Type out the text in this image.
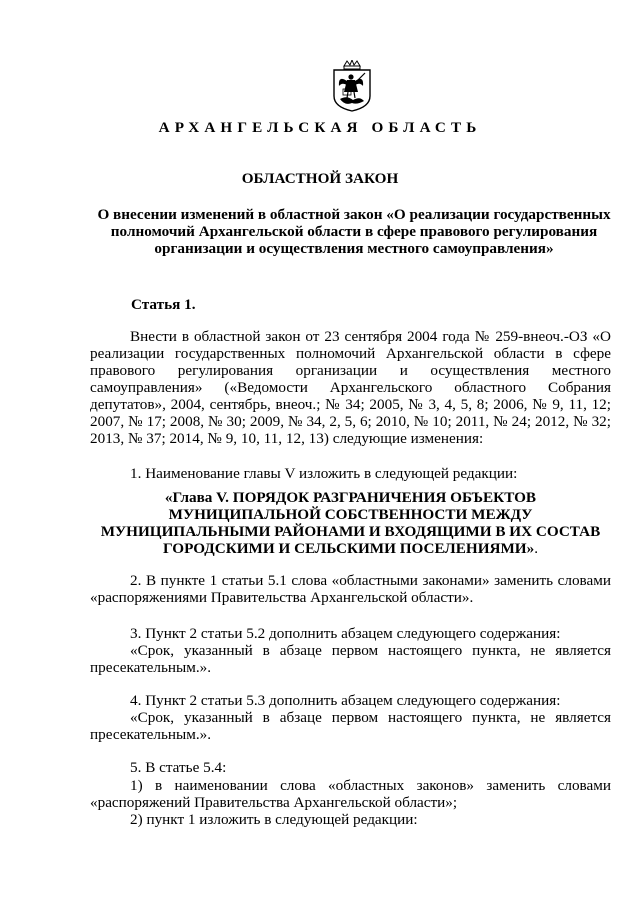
АРХАНГЕЛЬСКАЯ ОБЛАСТЬ
ОБЛАСТНОЙ ЗАКОН
О внесении изменений в областной закон «О реализации государственных полномочий Архангельской области в сфере правового регулирования организации и осуществления местного самоуправления»
Статья 1.
Внести в областной закон от 23 сентября 2004 года № 259-внеоч.-ОЗ «О реализации государственных полномочий Архангельской области в сфере правового регулирования организации и осуществления местного самоуправления» («Ведомости Архангельского областного Собрания депутатов», 2004, сентябрь, внеоч.; № 34; 2005, № 3, 4, 5, 8; 2006, № 9, 11, 12; 2007, № 17; 2008, № 30; 2009, № 34, 2, 5, 6; 2010, № 10; 2011, № 24; 2012, № 32; 2013, № 37; 2014, № 9, 10, 11, 12, 13) следующие изменения:
1. Наименование главы V изложить в следующей редакции:
«Глава V. ПОРЯДОК РАЗГРАНИЧЕНИЯ ОБЪЕКТОВ МУНИЦИПАЛЬНОЙ СОБСТВЕННОСТИ МЕЖДУ МУНИЦИПАЛЬНЫМИ РАЙОНАМИ И ВХОДЯЩИМИ В ИХ СОСТАВ ГОРОДСКИМИ И СЕЛЬСКИМИ ПОСЕЛЕНИЯМИ».
2. В пункте 1 статьи 5.1 слова «областными законами» заменить словами «распоряжениями Правительства Архангельской области».
3. Пункт 2 статьи 5.2 дополнить абзацем следующего содержания:
«Срок, указанный в абзаце первом настоящего пункта, не является пресекательным.».
4. Пункт 2 статьи 5.3 дополнить абзацем следующего содержания:
«Срок, указанный в абзаце первом настоящего пункта, не является пресекательным.».
5. В статье 5.4:
1) в наименовании слова «областных законов» заменить словами «распоряжений Правительства Архангельской области»;
2) пункт 1 изложить в следующей редакции:
